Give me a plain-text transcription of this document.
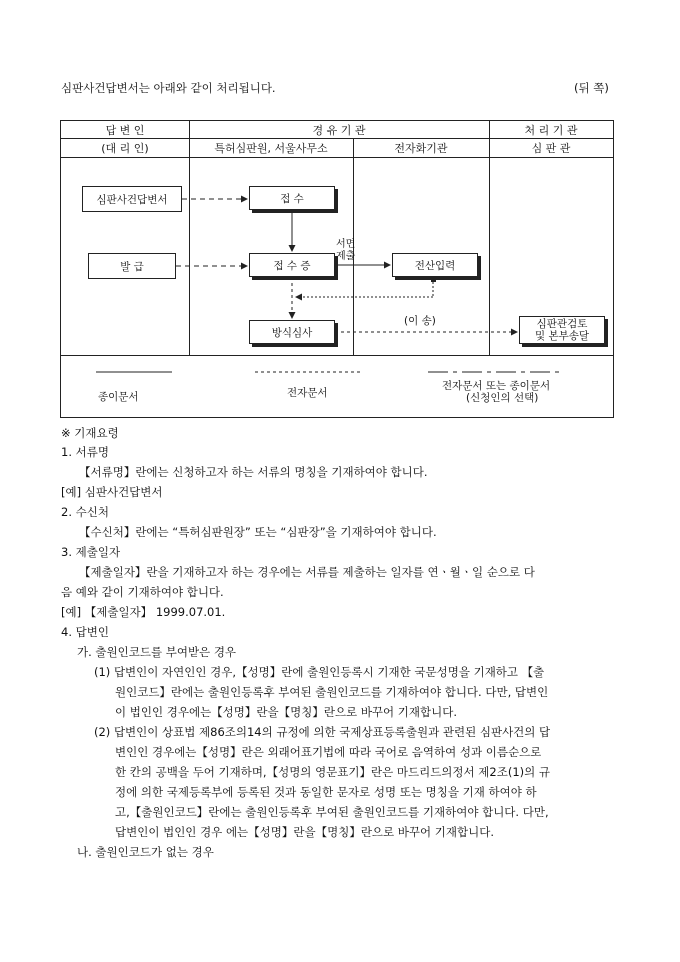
심판사건답변서는 아래와 같이 처리됩니다.	(뒤 쪽)
답 변 인
(대 리 인)
경 유 기 관
특허심판원, 서울사무소	전자화기관
처 리 기 관
심 판 관
심판사건답변서
발 급
접 수
접 수 증	전산입력
방식심사
심판관검토
및 본부송달
서면
제출
(이 송)
종이문서	전자문서
전자문서 또는 종이문서
(신청인의 선택)
※ 기재요령
1. 서류명
【서류명】란에는 신청하고자 하는 서류의 명칭을 기재하여야 합니다.
[예] 심판사건답변서
2. 수신처
【수신처】란에는 “특허심판원장” 또는 “심판장”을 기재하여야 합니다.
3. 제출일자
【제출일자】란을 기재하고자 하는 경우에는 서류를 제출하는 일자를 연ㆍ월ㆍ일 순으로 다
음 예와 같이 기재하여야 합니다.
[예] 【제출일자】 1999.07.01.
4. 답변인
가. 출원인코드를 부여받은 경우
(1) 답변인이 자연인인 경우,【성명】란에 출원인등록시 기재한 국문성명을 기재하고 【출
원인코드】란에는 출원인등록후 부여된 출원인코드를 기재하여야 합니다. 다만, 답변인
이 법인인 경우에는【성명】란을【명칭】란으로 바꾸어 기재합니다.
(2) 답변인이 상표법 제86조의14의 규정에 의한 국제상표등록출원과 관련된 심판사건의 답
변인인 경우에는【성명】란은 외래어표기법에 따라 국어로 음역하여 성과 이름순으로
한 칸의 공백을 두어 기재하며,【성명의 영문표기】란은 마드리드의정서 제2조(1)의 규
정에 의한 국제등록부에 등록된 것과 동일한 문자로 성명 또는 명칭을 기재 하여야 하
고,【출원인코드】란에는 출원인등록후 부여된 출원인코드를 기재하여야 합니다. 다만,
답변인이 법인인 경우 에는【성명】란을【명칭】란으로 바꾸어 기재합니다.
나. 출원인코드가 없는 경우
